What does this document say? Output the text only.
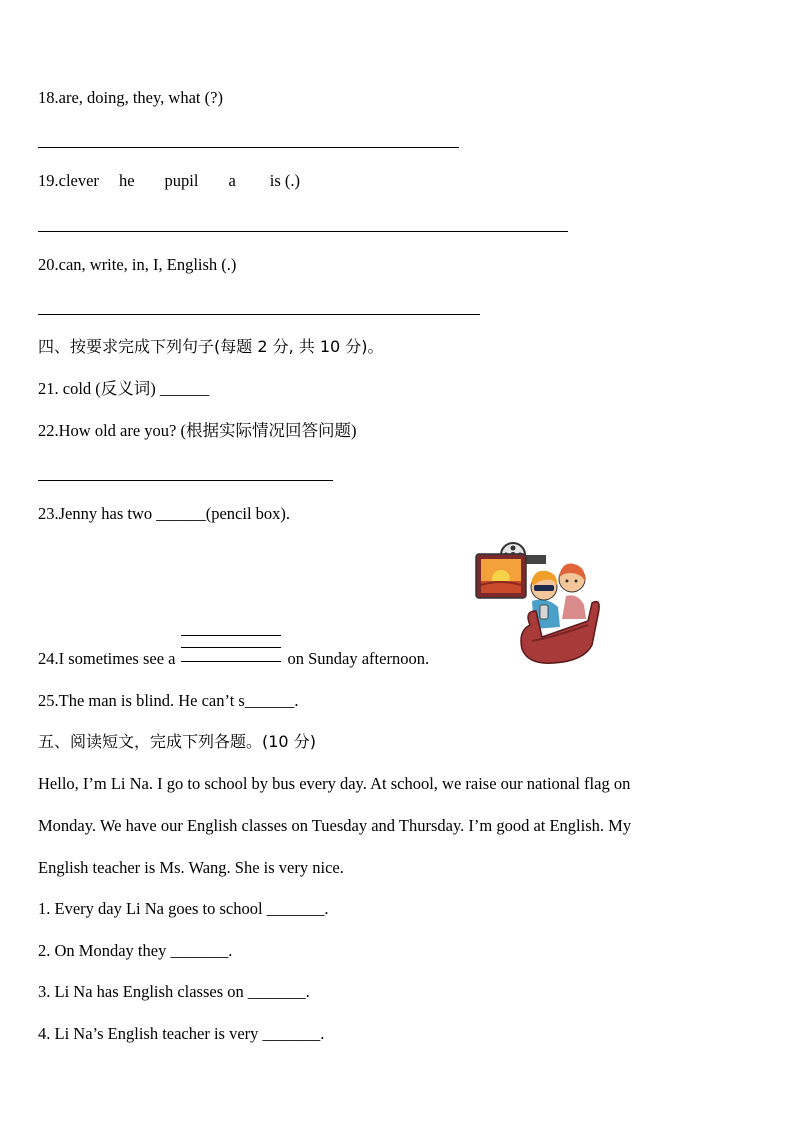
18.are, doing, they, what (?)
19.clever he pupil a is (.)
20.can, write, in, I, English (.)
四、按要求完成下列句子(每题 2 分, 共 10 分)。
21. cold (反义词) ______
22.How old are you? (根据实际情况回答问题)
23.Jenny has two ______(pencil box).
24.I sometimes see a	on Sunday afternoon.
25.The man is blind. He can’t s______.
五、阅读短文，完成下列各题。(10 分)
Hello, I’m Li Na. I go to school by bus every day. At school, we raise our national flag on
Monday. We have our English classes on Tuesday and Thursday. I’m good at English. My
English teacher is Ms. Wang. She is very nice.
1. Every day Li Na goes to school _______.
2. On Monday they _______.
3. Li Na has English classes on _______.
4. Li Na’s English teacher is very _______.
